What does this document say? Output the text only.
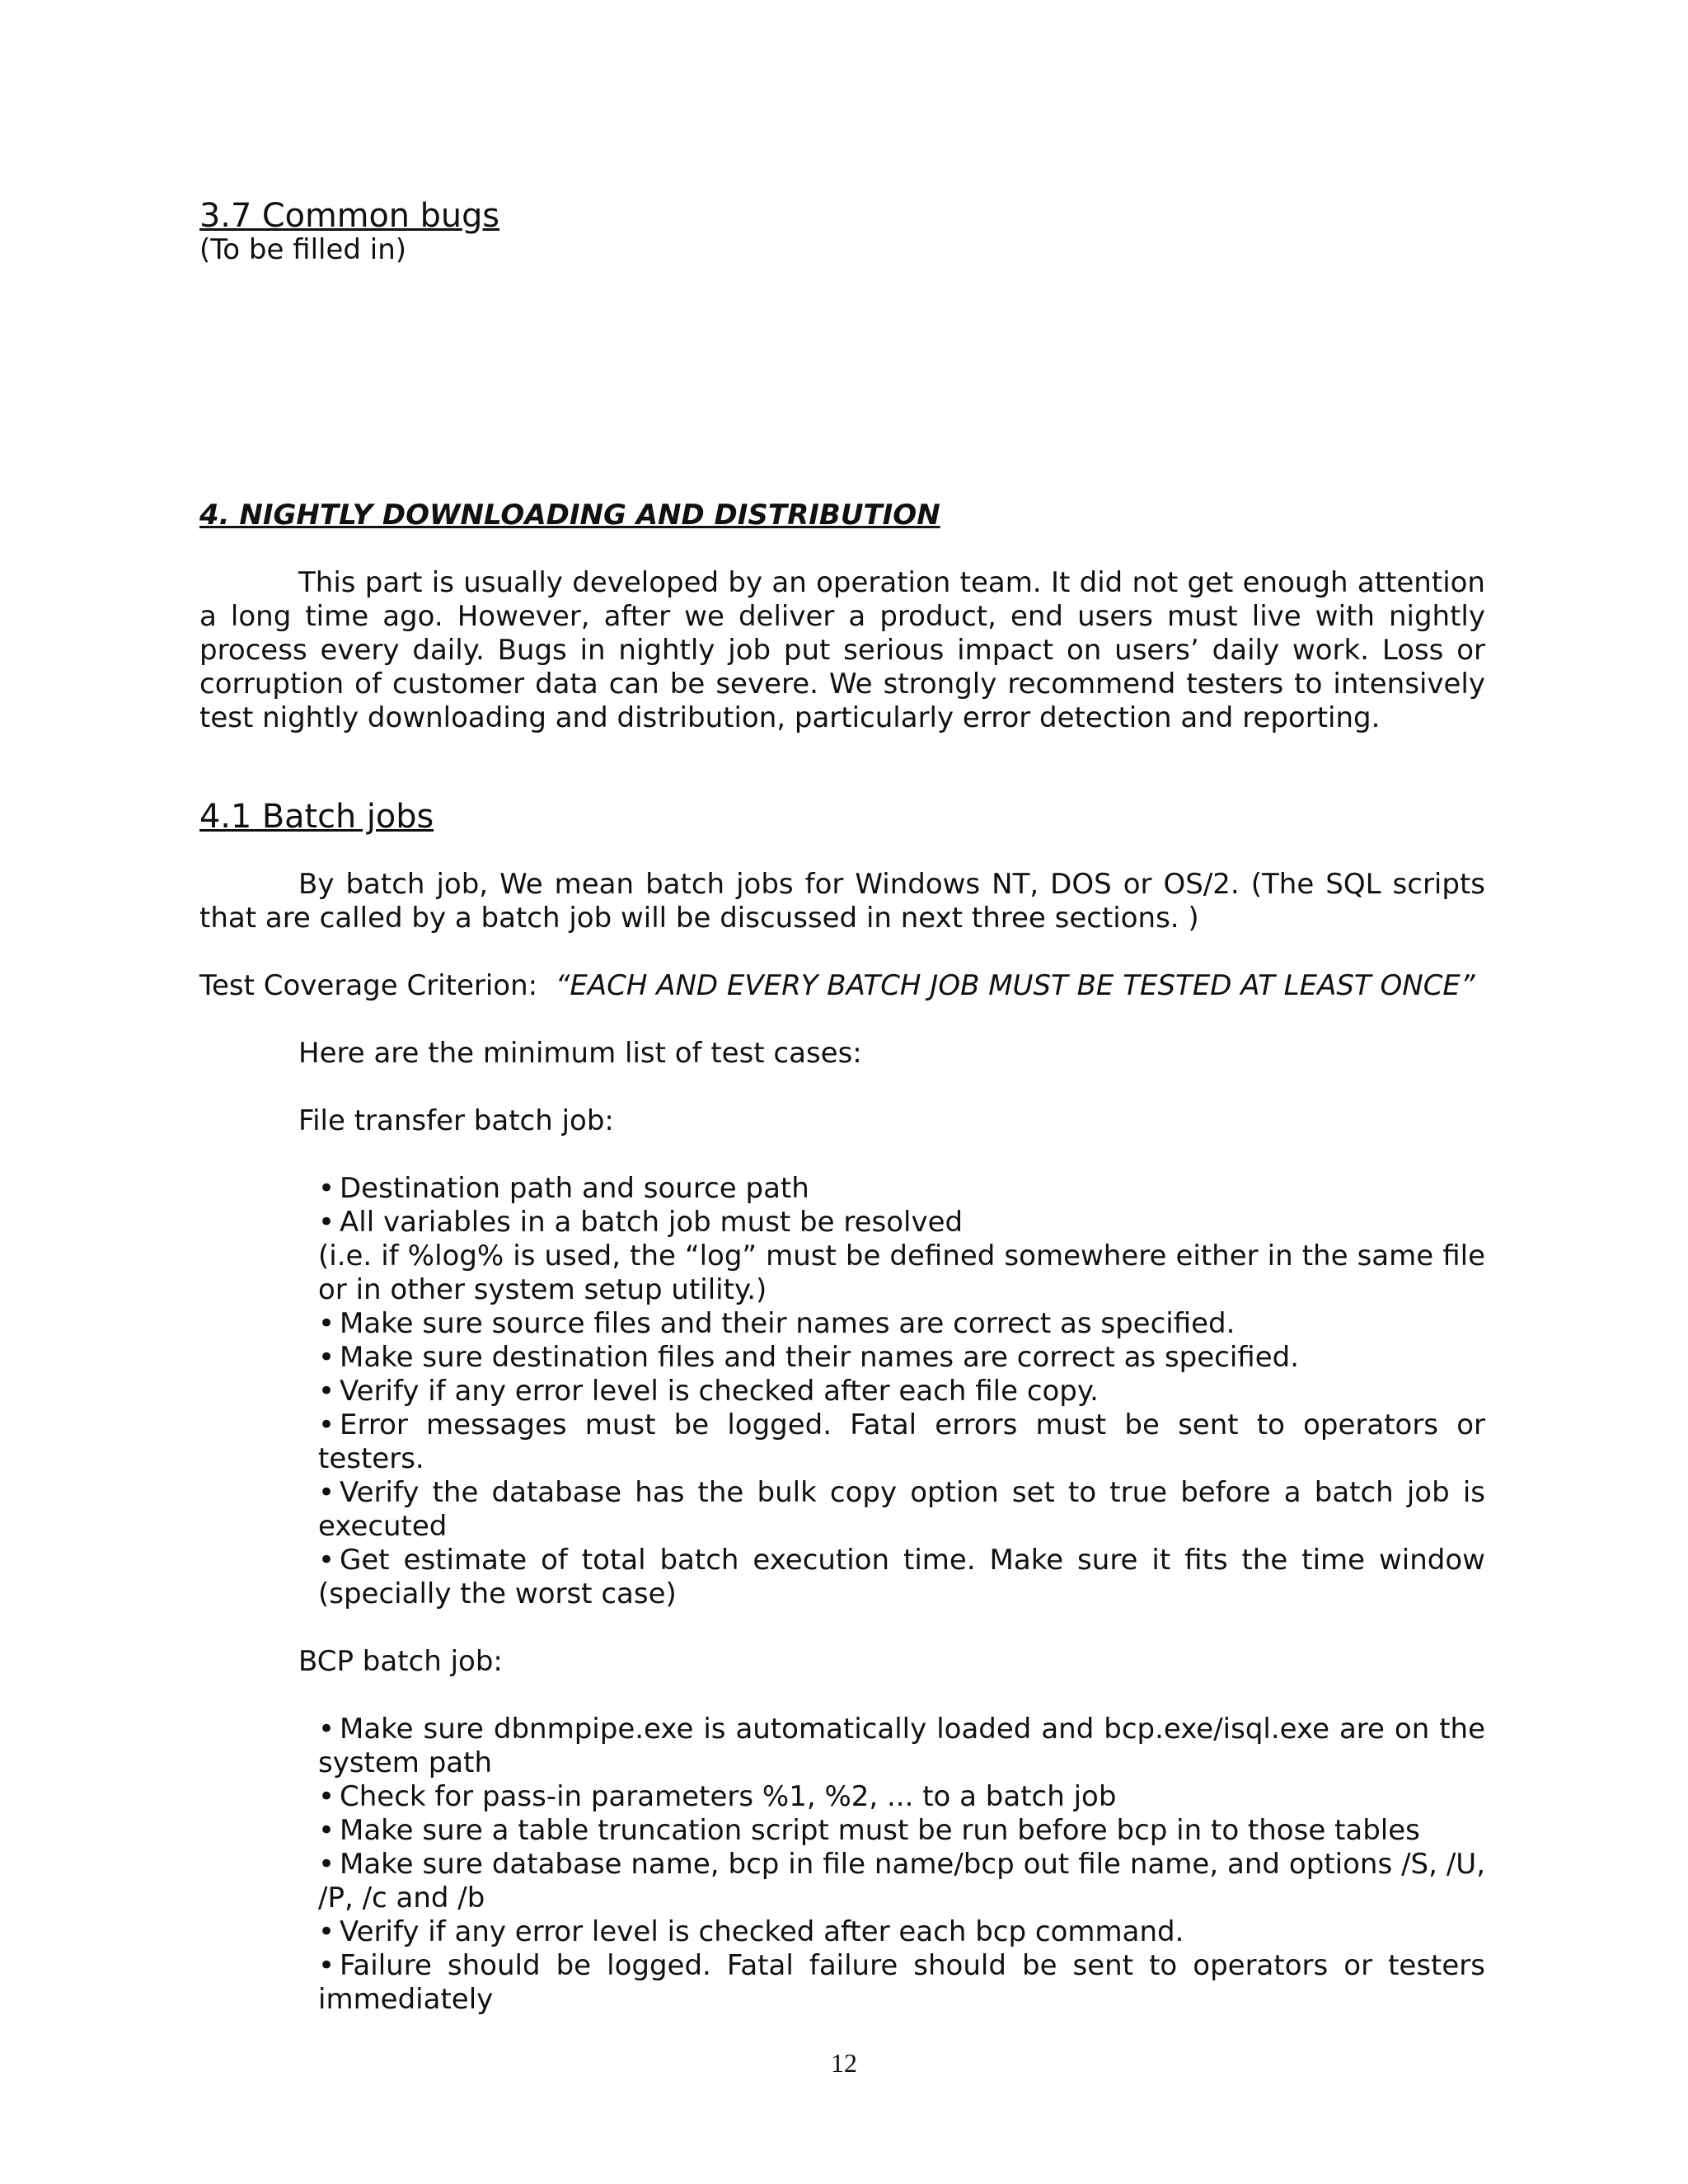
3.7 Common bugs

(To be filled in)

4. NIGHTLY DOWNLOADING AND DISTRIBUTION

This part is usually developed by an operation team. It did not get enough attention a long time ago. However, after we deliver a product, end users must live with nightly process every daily. Bugs in nightly job put serious impact on users’ daily work. Loss or corruption of customer data can be severe. We strongly recommend testers to intensively test nightly downloading and distribution, particularly error detection and reporting.

4.1 Batch jobs

By batch job, We mean batch jobs for Windows NT, DOS or OS/2. (The SQL scripts that are called by a batch job will be discussed in next three sections. )

Test Coverage Criterion: “EACH AND EVERY BATCH JOB MUST BE TESTED AT LEAST ONCE”

Here are the minimum list of test cases:

File transfer batch job:

• Destination path and source path
• All variables in a batch job must be resolved
(i.e. if %log% is used, the “log” must be defined somewhere either in the same file or in other system setup utility.)
• Make sure source files and their names are correct as specified.
• Make sure destination files and their names are correct as specified.
• Verify if any error level is checked after each file copy.
• Error messages must be logged. Fatal errors must be sent to operators or testers.
• Verify the database has the bulk copy option set to true before a batch job is executed
• Get estimate of total batch execution time. Make sure it fits the time window (specially the worst case)

BCP batch job:

• Make sure dbnmpipe.exe is automatically loaded and bcp.exe/isql.exe are on the system path
• Check for pass-in parameters %1, %2, ... to a batch job
• Make sure a table truncation script must be run before bcp in to those tables
• Make sure database name, bcp in file name/bcp out file name, and options /S, /U, /P, /c and /b
• Verify if any error level is checked after each bcp command.
• Failure should be logged. Fatal failure should be sent to operators or testers immediately
12
